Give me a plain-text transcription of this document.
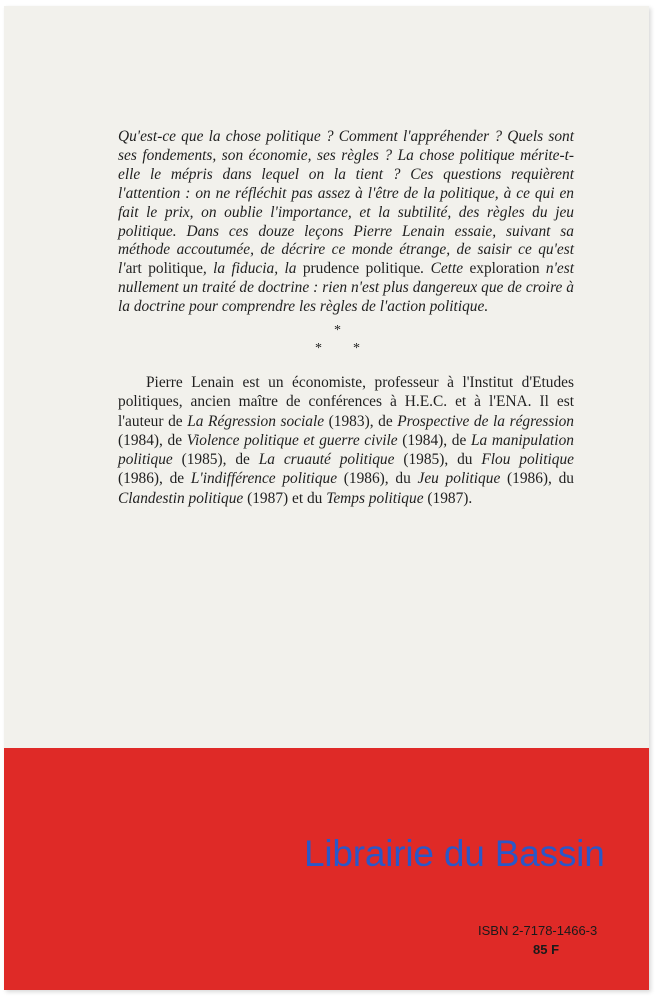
Qu'est-ce que la chose politique ? Comment l'appréhender ? Quels sont ses fondements, son économie, ses règles ? La chose politique mérite-t-elle le mépris dans lequel on la tient ? Ces questions requièrent l'attention : on ne réfléchit pas assez à l'être de la politique, à ce qui en fait le prix, on oublie l'importance, et la subtilité, des règles du jeu politique. Dans ces douze leçons Pierre Lenain essaie, suivant sa méthode accoutumée, de décrire ce monde étrange, de saisir ce qu'est l'art politique, la fiducia, la prudence politique. Cette exploration n'est nullement un traité de doctrine : rien n'est plus dangereux que de croire à la doctrine pour comprendre les règles de l'action politique.

*
* *

Pierre Lenain est un économiste, professeur à l'Institut d'Etudes politiques, ancien maître de conférences à H.E.C. et à l'ENA. Il est l'auteur de La Régression sociale (1983), de Prospective de la régression (1984), de Violence politique et guerre civile (1984), de La manipulation politique (1985), de La cruauté politique (1985), du Flou politique (1986), de L'indifférence politique (1986), du Jeu politique (1986), du Clandestin politique (1987) et du Temps politique (1987).

Librairie du Bassin
ISBN 2-7178-1466-3
85 F
